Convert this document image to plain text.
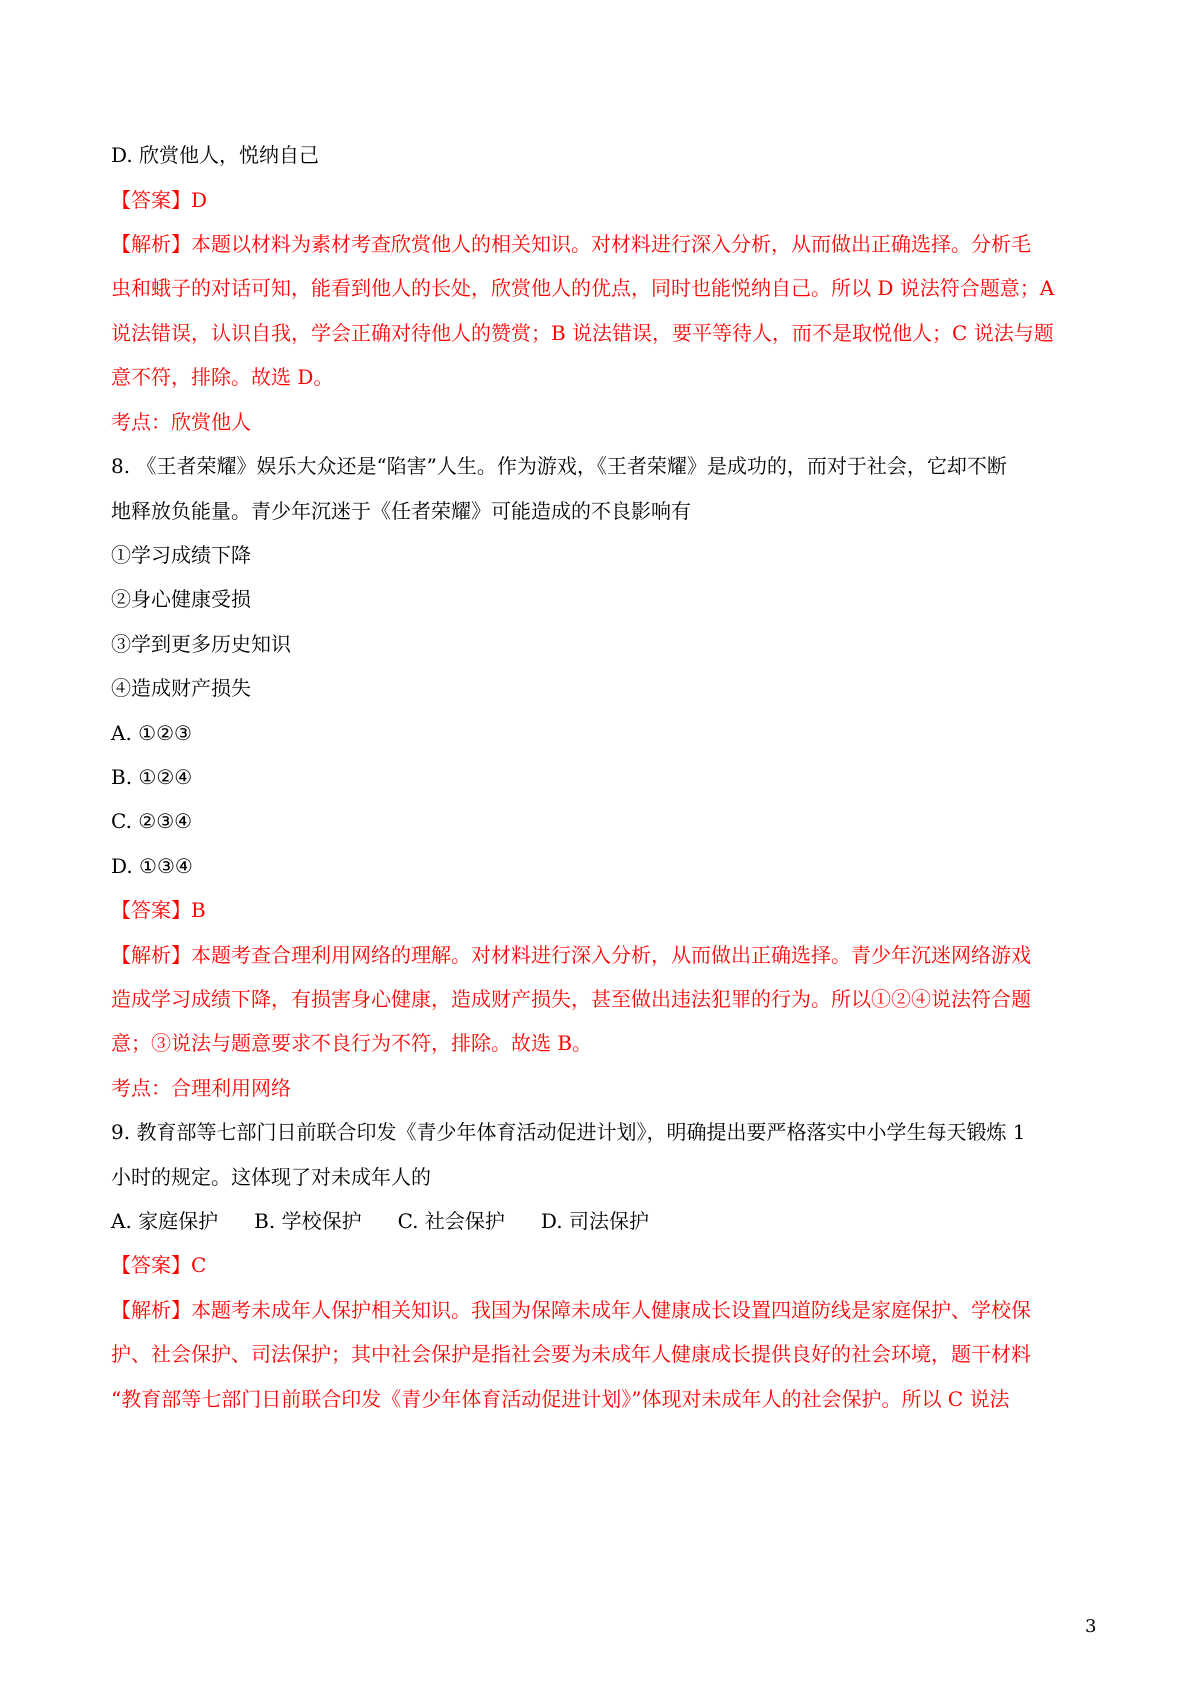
D. 欣赏他人，悦纳自己
【答案】D
【解析】本题以材料为素材考查欣赏他人的相关知识。对材料进行深入分析，从而做出正确选择。分析毛
虫和蛾子的对话可知，能看到他人的长处，欣赏他人的优点，同时也能悦纳自己。所以 D 说法符合题意；A
说法错误，认识自我，学会正确对待他人的赞赏；B 说法错误，要平等待人，而不是取悦他人；C 说法与题
意不符，排除。故选 D。
考点：欣赏他人
8. 《王者荣耀》娱乐大众还是“陷害”人生。作为游戏，《王者荣耀》是成功的，而对于社会，它却不断
地释放负能量。青少年沉迷于《任者荣耀》可能造成的不良影响有
①学习成绩下降
②身心健康受损
③学到更多历史知识
④造成财产损失
A. ①②③
B. ①②④
C. ②③④
D. ①③④
【答案】B
【解析】本题考查合理利用网络的理解。对材料进行深入分析，从而做出正确选择。青少年沉迷网络游戏
造成学习成绩下降，有损害身心健康，造成财产损失，甚至做出违法犯罪的行为。所以①②④说法符合题
意；③说法与题意要求不良行为不符，排除。故选 B。
考点：合理利用网络
9. 教育部等七部门日前联合印发《青少年体育活动促进计划》，明确提出要严格落实中小学生每天锻炼 1
小时的规定。这体现了对未成年人的
A. 家庭保护 B. 学校保护 C. 社会保护 D. 司法保护
【答案】C
【解析】本题考未成年人保护相关知识。我国为保障未成年人健康成长设置四道防线是家庭保护、学校保
护、社会保护、司法保护；其中社会保护是指社会要为未成年人健康成长提供良好的社会环境，题干材料
“教育部等七部门日前联合印发《青少年体育活动促进计划》”体现对未成年人的社会保护。所以 C 说法
3
